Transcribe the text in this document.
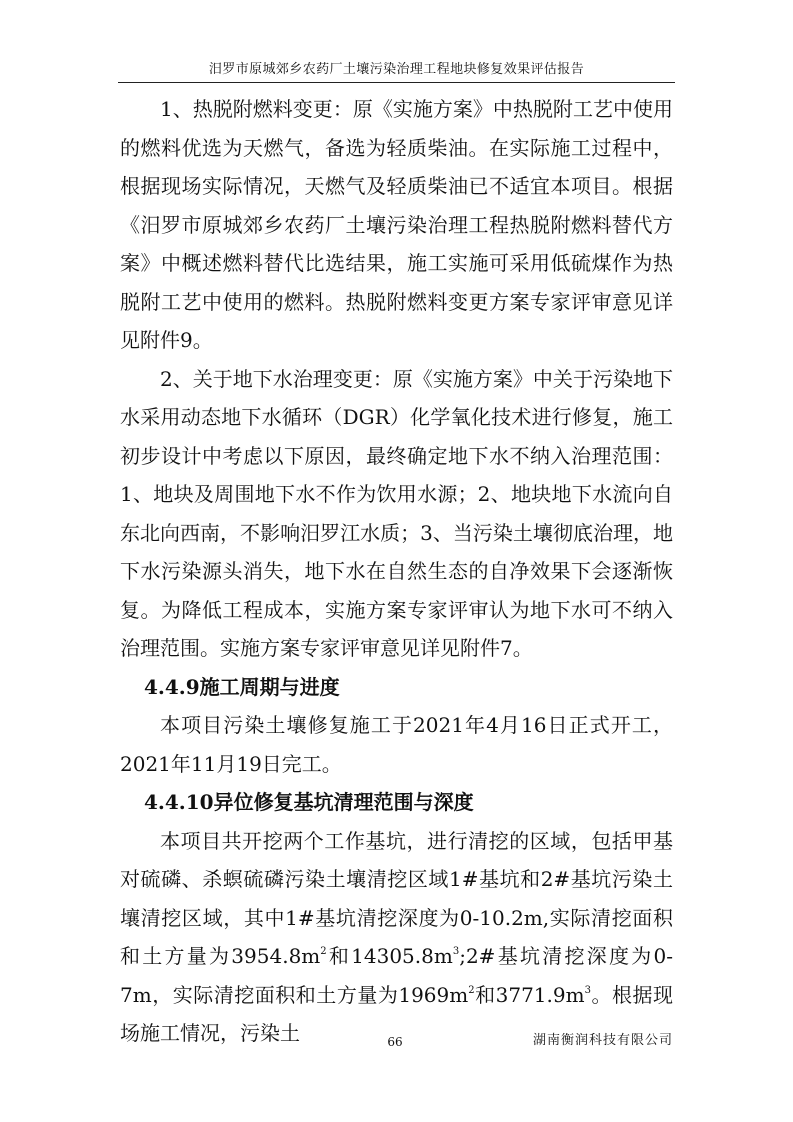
汨罗市原城郊乡农药厂土壤污染治理工程地块修复效果评估报告

1、热脱附燃料变更：原《实施方案》中热脱附工艺中使用的燃料优选为天燃气，备选为轻质柴油。在实际施工过程中，根据现场实际情况，天燃气及轻质柴油已不适宜本项目。根据《汨罗市原城郊乡农药厂土壤污染治理工程热脱附燃料替代方案》中概述燃料替代比选结果，施工实施可采用低硫煤作为热脱附工艺中使用的燃料。热脱附燃料变更方案专家评审意见详见附件9。

2、关于地下水治理变更：原《实施方案》中关于污染地下水采用动态地下水循环（DGR）化学氧化技术进行修复，施工初步设计中考虑以下原因，最终确定地下水不纳入治理范围：1、地块及周围地下水不作为饮用水源；2、地块地下水流向自东北向西南，不影响汨罗江水质；3、当污染土壤彻底治理，地下水污染源头消失，地下水在自然生态的自净效果下会逐渐恢复。为降低工程成本，实施方案专家评审认为地下水可不纳入治理范围。实施方案专家评审意见详见附件7。

4.4.9施工周期与进度

本项目污染土壤修复施工于2021年4月16日正式开工，2021年11月19日完工。

4.4.10异位修复基坑清理范围与深度

本项目共开挖两个工作基坑，进行清挖的区域，包括甲基对硫磷、杀螟硫磷污染土壤清挖区域1#基坑和2#基坑污染土壤清挖区域，其中1#基坑清挖深度为0-10.2m,实际清挖面积和土方量为$3954.8m^2$和$14305.8m^3;2\#$基坑清挖深度为0-7m，实际清挖面积和土方量为$1969m^2$和$3771.9m^3$。根据现场施工情况，污染土	66	湖南衡润科技有限公司
